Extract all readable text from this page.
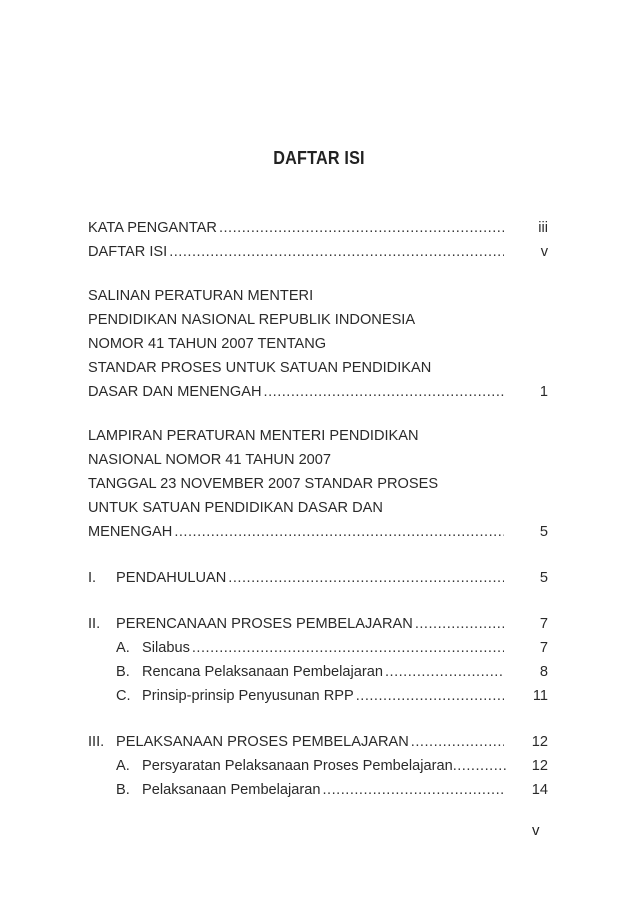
DAFTAR ISI
KATA PENGANTAR .....	iii
DAFTAR ISI .....	v
SALINAN PERATURAN MENTERI
PENDIDIKAN NASIONAL REPUBLIK INDONESIA
NOMOR 41 TAHUN 2007 TENTANG
STANDAR PROSES UNTUK SATUAN PENDIDIKAN
DASAR DAN MENENGAH .....	1
LAMPIRAN PERATURAN MENTERI PENDIDIKAN
NASIONAL NOMOR 41 TAHUN 2007
TANGGAL 23 NOVEMBER 2007 STANDAR PROSES
UNTUK SATUAN PENDIDIKAN DASAR DAN
MENENGAH .....	5
I. PENDAHULUAN .....	5
II. PERENCANAAN PROSES PEMBELAJARAN .....	7
A. Silabus .....	7
B. Rencana Pelaksanaan Pembelajaran .....	8
C. Prinsip-prinsip Penyusunan RPP .....	11
III. PELAKSANAAN PROSES PEMBELAJARAN .....	12
A. Persyaratan Pelaksanaan Proses Pembelajaran .....	12
B. Pelaksanaan Pembelajaran .....	14
v
